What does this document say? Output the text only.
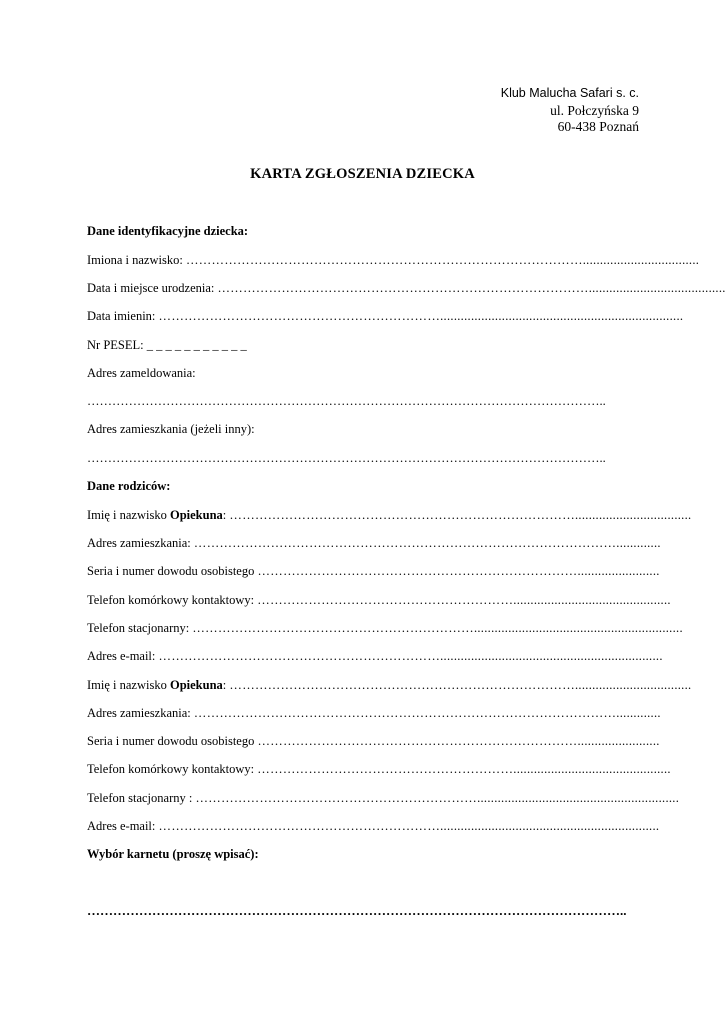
Klub Malucha Safari s. c.
ul. Połczyńska 9
60-438 Poznań
KARTA ZGŁOSZENIA DZIECKA
Dane identyfikacyjne dziecka:
Imiona i nazwisko: …………………………………………………………………………………..................................
Data i miejsce urodzenia: ……………………………………………………………………………........................................
Data imienin: ………………………………………………………….......................................................................
Nr PESEL: _ _ _ _ _ _ _ _ _ _ _
Adres zameldowania:
……………………………………………………………………………………………………………..
Adres zamieszkania (jeżeli inny):
……………………………………………………………………………………………………………..
Dane rodziców:
Imię i nazwisko Opiekuna: ………………………………………………………………………..................................
Adres zamieszkania: ……………………………………………………………………………………….............
Seria i numer dowodu osobistego …………………………………………………………………........................
Telefon komórkowy kontaktowy: ……………………………………………………..............................................
Telefon stacjonarny: ………………………………………………………….............................................................
Adres e-mail: ………………………………………………………….................................................................
Imię i nazwisko Opiekuna: ………………………………………………………………………..................................
Adres zamieszkania: ……………………………………………………………………………………….............
Seria i numer dowodu osobistego …………………………………………………………………........................
Telefon komórkowy kontaktowy: ……………………………………………………..............................................
Telefon stacjonarny : …………………………………………………………...........................................................
Adres e-mail: …………………………………………………………................................................................
Wybór karnetu (proszę wpisać):
……………………………………………………………………………………………………………..
